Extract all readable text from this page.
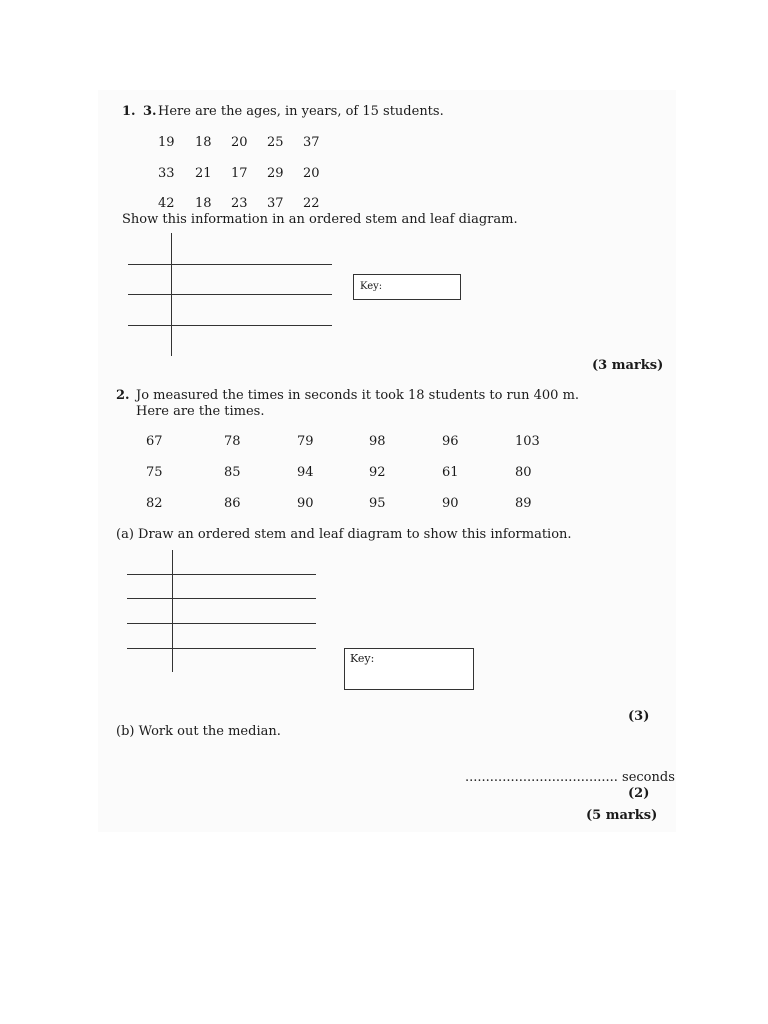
1. 3. Here are the ages, in years, of 15 students.
19 18 20 25 37
33 21 17 29 20
42 18 23 37 22
Show this information in an ordered stem and leaf diagram.
Key:
(3 marks)
2. Jo measured the times in seconds it took 18 students to run 400 m.
Here are the times.
67	78	79	98	96	103
75	85	94	92	61	80
82	86	90	95	90	89
(a) Draw an ordered stem and leaf diagram to show this information.
Key:
(3)
(b) Work out the median.
..................................... seconds
(2)
(5 marks)
